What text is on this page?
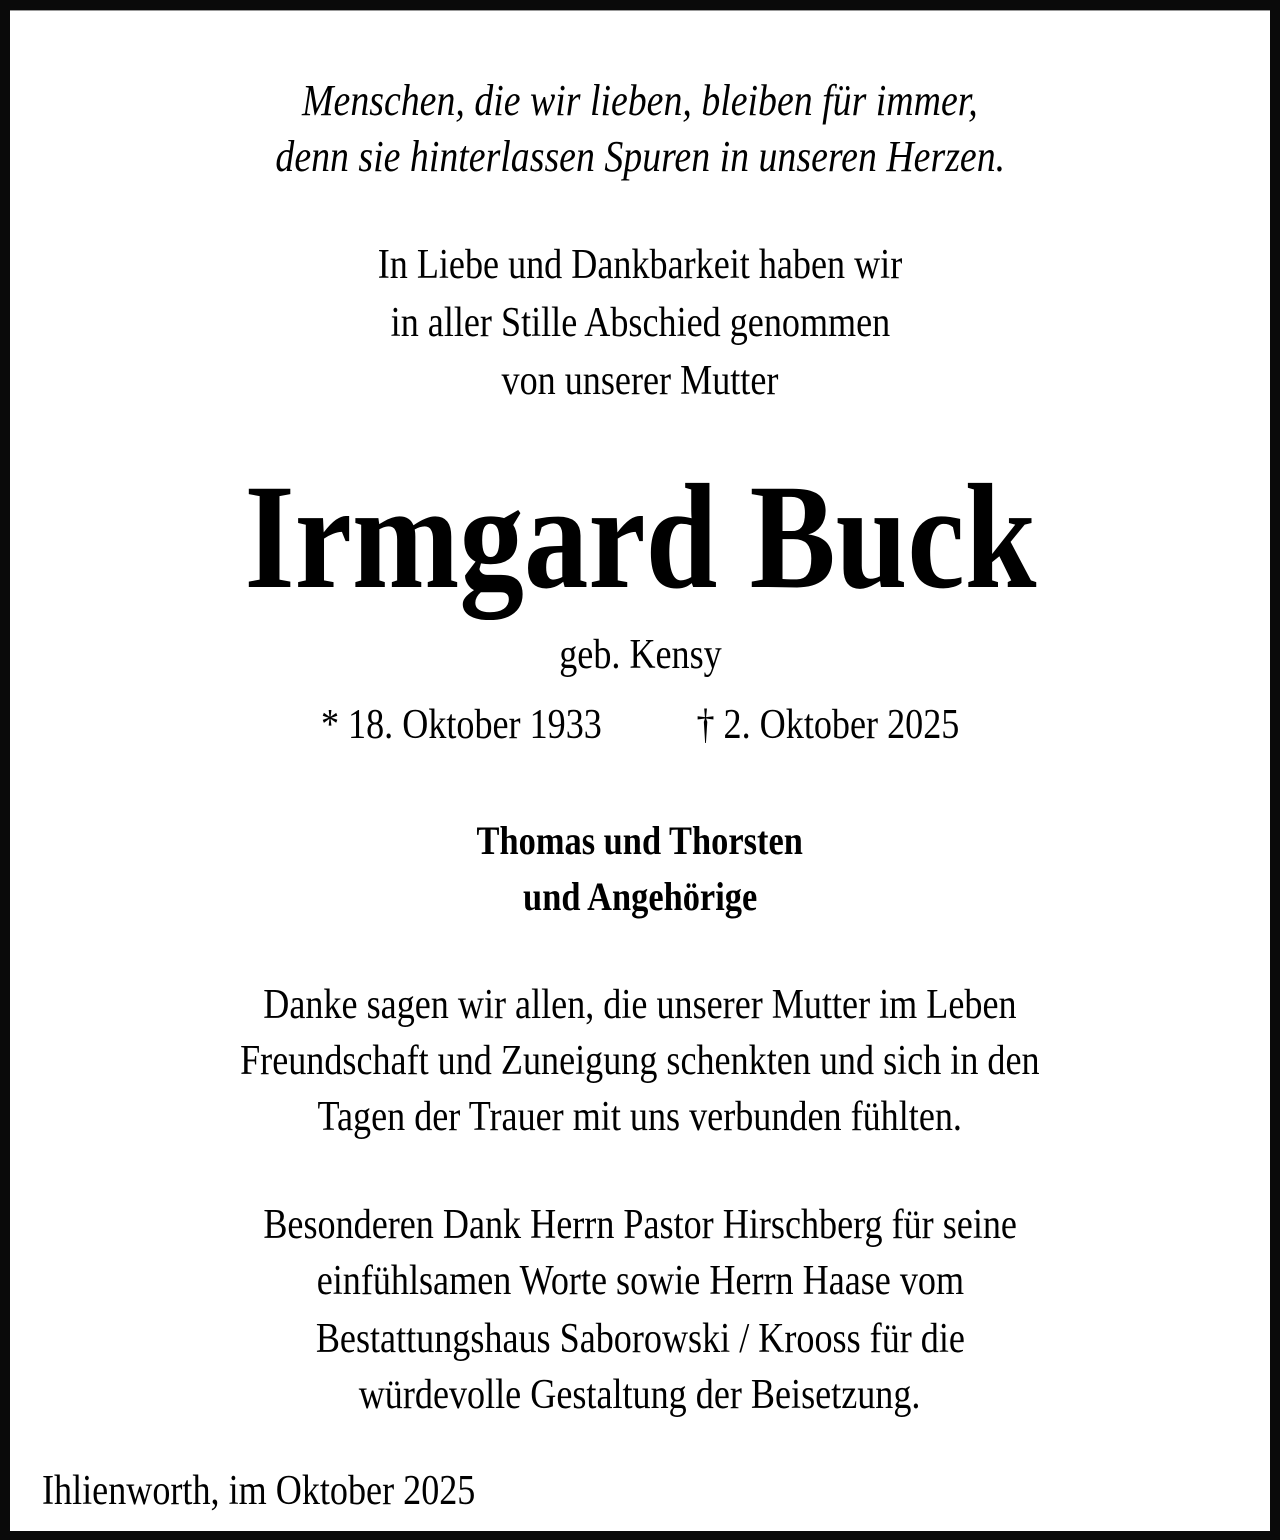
Menschen, die wir lieben, bleiben für immer,
denn sie hinterlassen Spuren in unseren Herzen.
In Liebe und Dankbarkeit haben wir
in aller Stille Abschied genommen
von unserer Mutter
Irmgard Buck
geb. Kensy
* 18. Oktober 1933 † 2. Oktober 2025
Thomas und Thorsten
und Angehörige
Danke sagen wir allen, die unserer Mutter im Leben
Freundschaft und Zuneigung schenkten und sich in den
Tagen der Trauer mit uns verbunden fühlten.
Besonderen Dank Herrn Pastor Hirschberg für seine
einfühlsamen Worte sowie Herrn Haase vom
Bestattungshaus Saborowski / Krooss für die
würdevolle Gestaltung der Beisetzung.
Ihlienworth, im Oktober 2025
